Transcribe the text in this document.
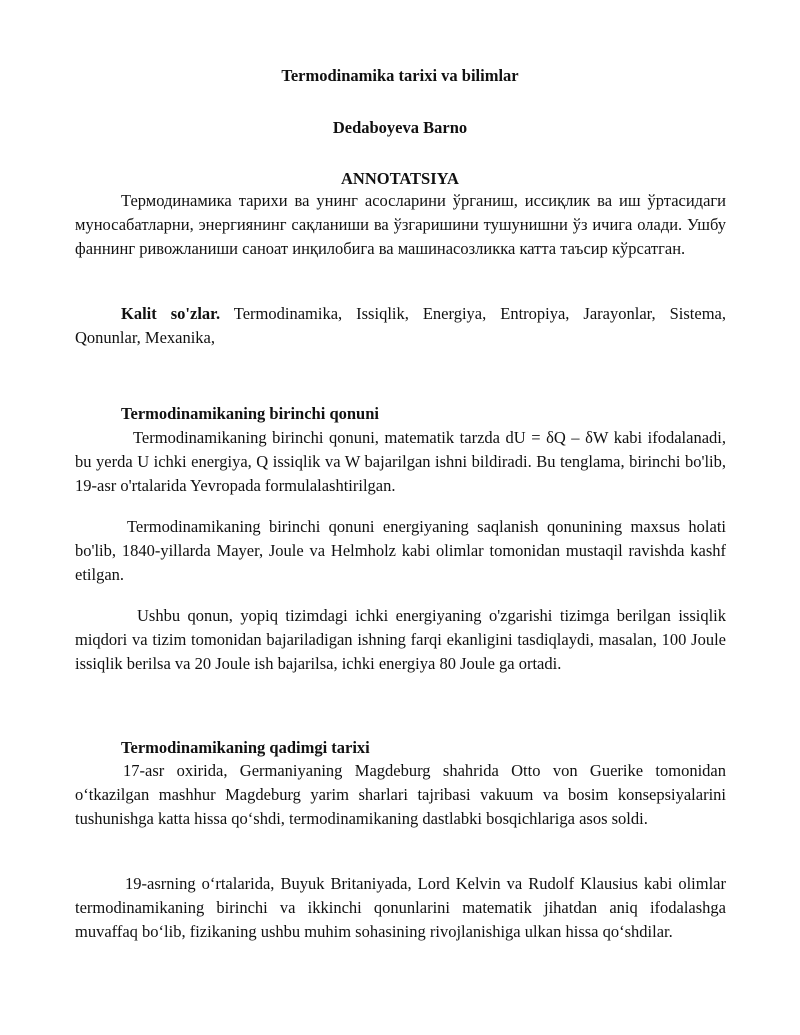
Termodinamika tarixi va bilimlar
Dedaboyeva Barno
ANNOTATSIYA
Термодинамика тарихи ва унинг асосларини ўрганиш, иссиқлик ва иш ўртасидаги муносабатларни, энергиянинг сақланиши ва ўзгаришини тушунишни ўз ичига олади. Ушбу фаннинг ривожланиши саноат инқилобига ва машинасозликка катта таъсир кўрсатган.
Kalit so'zlar. Termodinamika, Issiqlik, Energiya, Entropiya, Jarayonlar, Sistema, Qonunlar, Mexanika,
Termodinamikaning birinchi qonuni
Termodinamikaning birinchi qonuni, matematik tarzda dU = δQ – δW kabi ifodalanadi, bu yerda U ichki energiya, Q issiqlik va W bajarilgan ishni bildiradi. Bu tenglama, birinchi bo'lib, 19-asr o'rtalarida Yevropada formulalashtirilgan.
Termodinamikaning birinchi qonuni energiyaning saqlanish qonunining maxsus holati bo'lib, 1840-yillarda Mayer, Joule va Helmholz kabi olimlar tomonidan mustaqil ravishda kashf etilgan.
Ushbu qonun, yopiq tizimdagi ichki energiyaning o'zgarishi tizimga berilgan issiqlik miqdori va tizim tomonidan bajariladigan ishning farqi ekanligini tasdiqlaydi, masalan, 100 Joule issiqlik berilsa va 20 Joule ish bajarilsa, ichki energiya 80 Joule ga ortadi.
Termodinamikaning qadimgi tarixi
17-asr oxirida, Germaniyaning Magdeburg shahrida Otto von Guerike tomonidan oʻtkazilgan mashhur Magdeburg yarim sharlari tajribasi vakuum va bosim konsepsiyalarini tushunishga katta hissa qoʻshdi, termodinamikaning dastlabki bosqichlariga asos soldi.
19-asrning oʻrtalarida, Buyuk Britaniyada, Lord Kelvin va Rudolf Klausius kabi olimlar termodinamikaning birinchi va ikkinchi qonunlarini matematik jihatdan aniq ifodalashga muvaffaq boʻlib, fizikaning ushbu muhim sohasining rivojlanishiga ulkan hissa qoʻshdilar.
